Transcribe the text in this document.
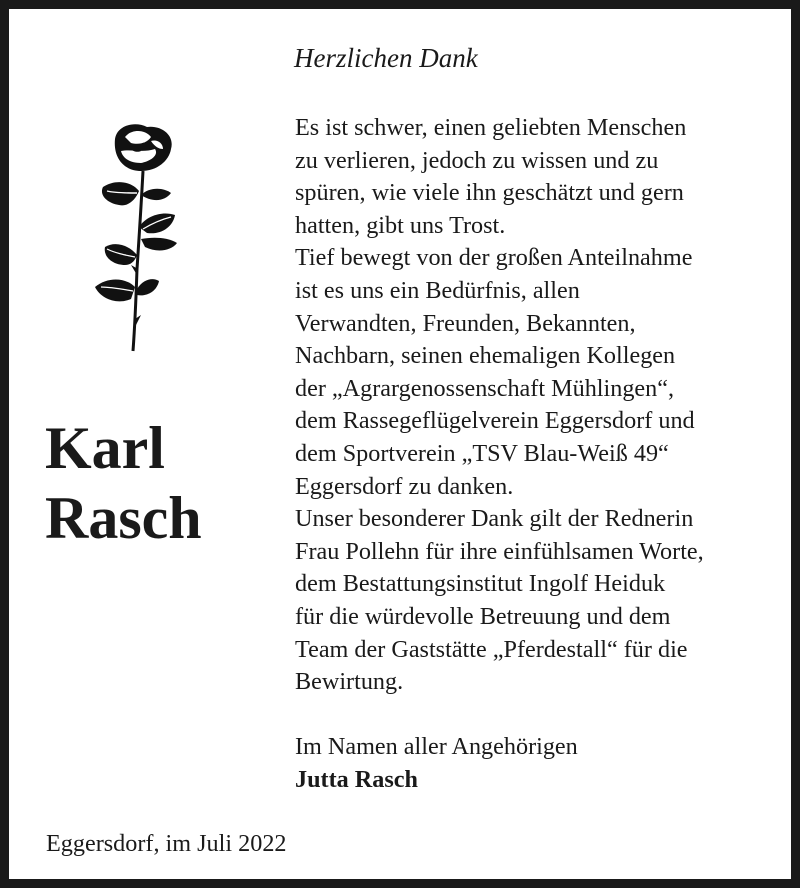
Herzlichen Dank
Karl
Rasch
Es ist schwer, einen geliebten Menschen
zu verlieren, jedoch zu wissen und zu
spüren, wie viele ihn geschätzt und gern
hatten, gibt uns Trost.
Tief bewegt von der großen Anteilnahme
ist es uns ein Bedürfnis, allen
Verwandten, Freunden, Bekannten,
Nachbarn, seinen ehemaligen Kollegen
der „Agrargenossenschaft Mühlingen“,
dem Rassegeflügelverein Eggersdorf und
dem Sportverein „TSV Blau-Weiß 49“
Eggersdorf zu danken.
Unser besonderer Dank gilt der Rednerin
Frau Pollehn für ihre einfühlsamen Worte,
dem Bestattungsinstitut Ingolf Heiduk
für die würdevolle Betreuung und dem
Team der Gaststätte „Pferdestall“ für die
Bewirtung.
Im Namen aller Angehörigen
Jutta Rasch
Eggersdorf, im Juli 2022
